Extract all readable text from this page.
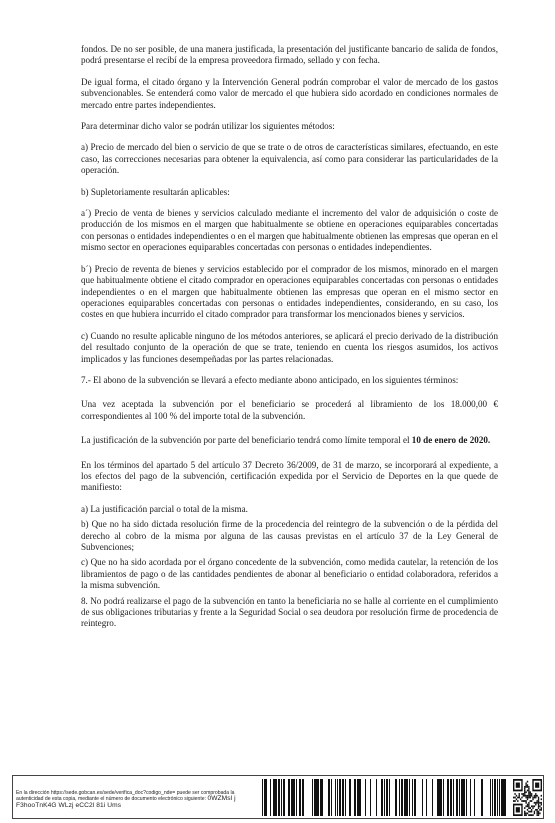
fondos. De no ser posible, de una manera justificada, la presentación del justificante bancario de salida de fondos, podrá presentarse el recibí de la empresa proveedora firmado, sellado y con fecha.

De igual forma, el citado órgano y la Intervención General podrán comprobar el valor de mercado de los gastos subvencionables. Se entenderá como valor de mercado el que hubiera sido acordado en condiciones normales de mercado entre partes independientes.

Para determinar dicho valor se podrán utilizar los siguientes métodos:

a) Precio de mercado del bien o servicio de que se trate o de otros de características similares, efectuando, en este caso, las correcciones necesarias para obtener la equivalencia, así como para considerar las particularidades de la operación.

b) Supletoriamente resultarán aplicables:

a´) Precio de venta de bienes y servicios calculado mediante el incremento del valor de adquisición o coste de producción de los mismos en el margen que habitualmente se obtiene en operaciones equiparables concertadas con personas o entidades independientes o en el margen que habitualmente obtienen las empresas que operan en el mismo sector en operaciones equiparables concertadas con personas o entidades independientes.

b´) Precio de reventa de bienes y servicios establecido por el comprador de los mismos, minorado en el margen que habitualmente obtiene el citado comprador en operaciones equiparables concertadas con personas o entidades independientes o en el margen que habitualmente obtienen las empresas que operan en el mismo sector en operaciones equiparables concertadas con personas o entidades independientes, considerando, en su caso, los costes en que hubiera incurrido el citado comprador para transformar los mencionados bienes y servicios.

c) Cuando no resulte aplicable ninguno de los métodos anteriores, se aplicará el precio derivado de la distribución del resultado conjunto de la operación de que se trate, teniendo en cuenta los riesgos asumidos, los activos implicados y las funciones desempeñadas por las partes relacionadas.

7.- El abono de la subvención se llevará a efecto mediante abono anticipado, en los siguientes términos:

Una vez aceptada la subvención por el beneficiario se procederá al libramiento de los 18.000,00 € correspondientes al 100 % del importe total de la subvención.

La justificación de la subvención por parte del beneficiario tendrá como límite temporal el 10 de enero de 2020.

En los términos del apartado 5 del artículo 37 Decreto 36/2009, de 31 de marzo, se incorporará al expediente, a los efectos del pago de la subvención, certificación expedida por el Servicio de Deportes en la que quede de manifiesto:

a) La justificación parcial o total de la misma.

b) Que no ha sido dictada resolución firme de la procedencia del reintegro de la subvención o de la pérdida del derecho al cobro de la misma por alguna de las causas previstas en el artículo 37 de la Ley General de Subvenciones;

c) Que no ha sido acordada por el órgano concedente de la subvención, como medida cautelar, la retención de los libramientos de pago o de las cantidades pendientes de abonar al beneficiario o entidad colaboradora, referidos a la misma subvención.

8. No podrá realizarse el pago de la subvención en tanto la beneficiaria no se halle al corriente en el cumplimiento de sus obligaciones tributarias y frente a la Seguridad Social o sea deudora por resolución firme de procedencia de reintegro.

En la dirección https://sede.gobcan.es/sede/verifica_doc?codigo_nde= puede ser comprobada la autenticidad de esta copia, mediante el número de documento electrónico siguiente: 0WZMsl j F3hooTnK4G WLzj eCC2l 81i Ums
